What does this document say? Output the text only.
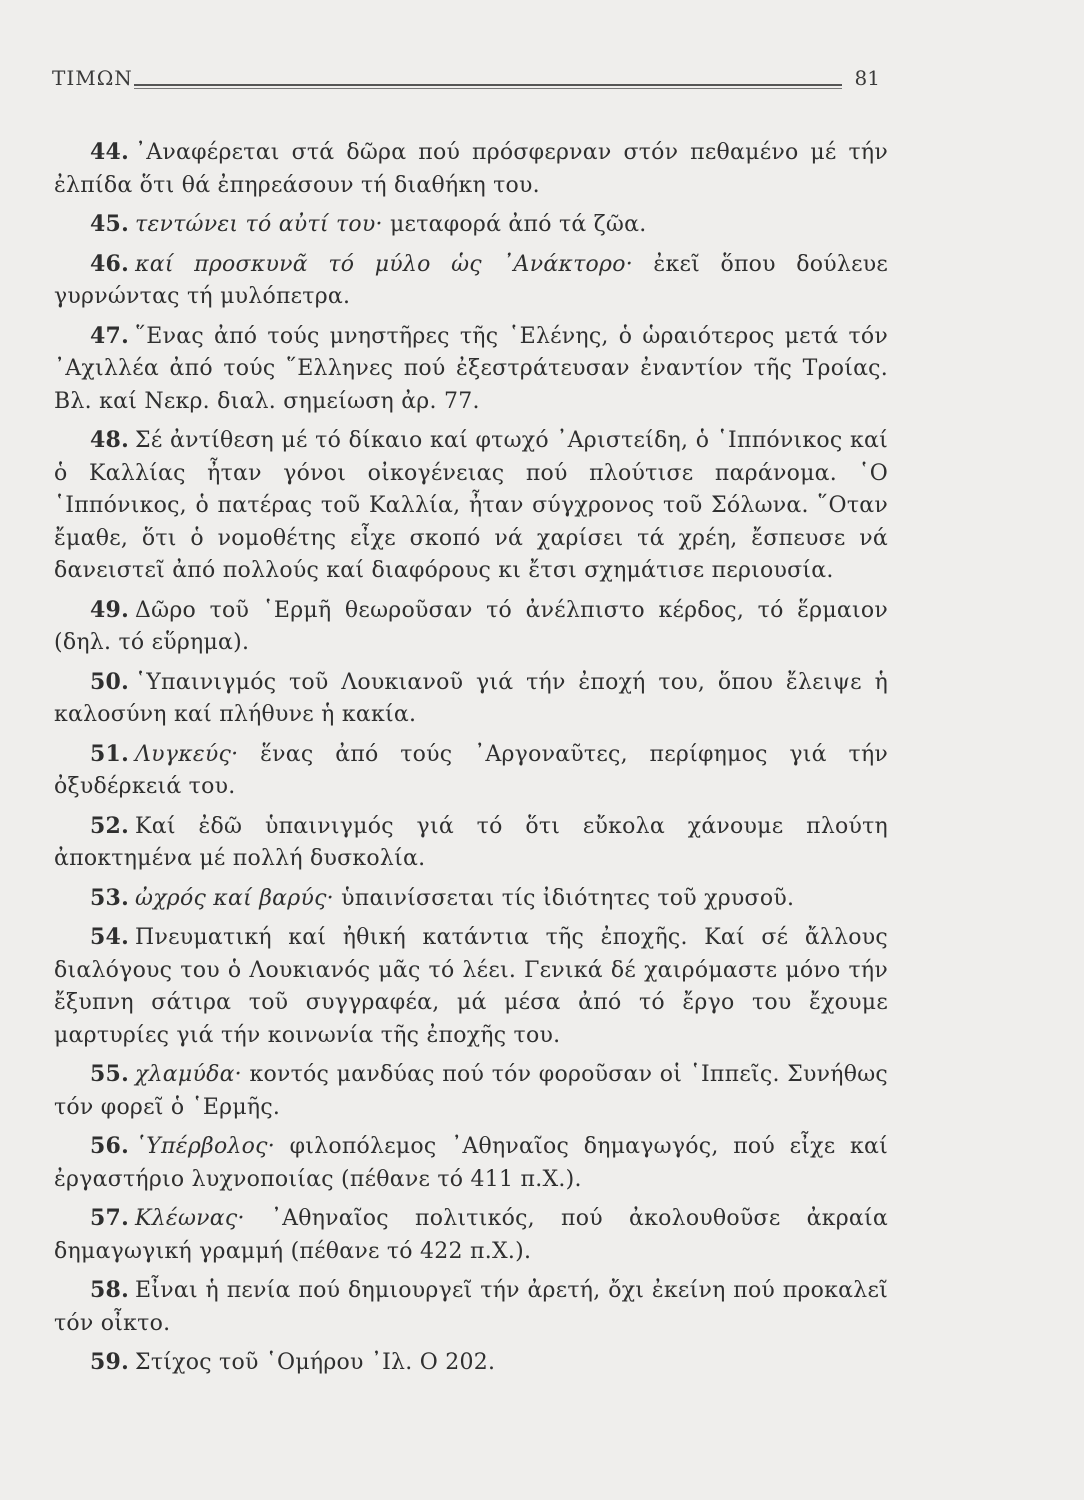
ΤΙΜΩΝ	81

44. ᾿Αναφέρεται στά δῶρα πού πρόσφερναν στόν πεθαμένο μέ τήν ἐλπίδα ὅτι θά ἐπηρεάσουν τή διαθήκη του.

45. τεντώνει τό αὐτί του· μεταφορά ἀπό τά ζῶα.

46. καί προσκυνᾶ τό μύλο ὡς ᾿Ανάκτορο· ἐκεῖ ὅπου δούλευε γυρνώντας τή μυλόπετρα.

47. ῞Ενας ἀπό τούς μνηστῆρες τῆς ῾Ελένης, ὁ ὡραιότερος μετά τόν ᾿Αχιλλέα ἀπό τούς ῞Ελληνες πού ἐξεστράτευσαν ἐναντίον τῆς Τροίας. Βλ. καί Νεκρ. διαλ. σημείωση ἀρ. 77.

48. Σέ ἀντίθεση μέ τό δίκαιο καί φτωχό ᾿Αριστείδη, ὁ ῾Ιππόνικος καί ὁ Καλλίας ἦταν γόνοι οἰκογένειας πού πλούτισε παράνομα. ῾Ο ῾Ιππόνικος, ὁ πατέρας τοῦ Καλλία, ἦταν σύγχρονος τοῦ Σόλωνα. ῞Οταν ἔμαθε, ὅτι ὁ νομοθέτης εἶχε σκοπό νά χαρίσει τά χρέη, ἔσπευσε νά δανειστεῖ ἀπό πολλούς καί διαφόρους κι ἔτσι σχημάτισε περιουσία.

49. Δῶρο τοῦ ῾Ερμῆ θεωροῦσαν τό ἀνέλπιστο κέρδος, τό ἕρμαιον (δηλ. τό εὕρημα).

50. ῾Υπαινιγμός τοῦ Λουκιανοῦ γιά τήν ἐποχή του, ὅπου ἔλειψε ἡ καλοσύνη καί πλήθυνε ἡ κακία.

51. Λυγκεύς· ἕνας ἀπό τούς ᾿Αργοναῦτες, περίφημος γιά τήν ὀξυδέρκειά του.

52. Καί ἐδῶ ὑπαινιγμός γιά τό ὅτι εὔκολα χάνουμε πλούτη ἀποκτημένα μέ πολλή δυσκολία.

53. ὠχρός καί βαρύς· ὑπαινίσσεται τίς ἰδιότητες τοῦ χρυσοῦ.

54. Πνευματική καί ἠθική κατάντια τῆς ἐποχῆς. Καί σέ ἄλλους διαλόγους του ὁ Λουκιανός μᾶς τό λέει. Γενικά δέ χαιρόμαστε μόνο τήν ἔξυπνη σάτιρα τοῦ συγγραφέα, μά μέσα ἀπό τό ἔργο του ἔχουμε μαρτυρίες γιά τήν κοινωνία τῆς ἐποχῆς του.

55. χλαμύδα· κοντός μανδύας πού τόν φοροῦσαν οἱ ῾Ιππεῖς. Συνήθως τόν φορεῖ ὁ ῾Ερμῆς.

56. ῾Υπέρβολος· φιλοπόλεμος ᾿Αθηναῖος δημαγωγός, πού εἶχε καί ἐργαστήριο λυχνοποιίας (πέθανε τό 411 π.Χ.).

57. Κλέωνας· ᾿Αθηναῖος πολιτικός, πού ἀκολουθοῦσε ἀκραία δημαγωγική γραμμή (πέθανε τό 422 π.Χ.).

58. Εἶναι ἡ πενία πού δημιουργεῖ τήν ἀρετή, ὄχι ἐκείνη πού προκαλεῖ τόν οἶκτο.

59. Στίχος τοῦ ῾Ομήρου ᾿Ιλ. Ο 202.
